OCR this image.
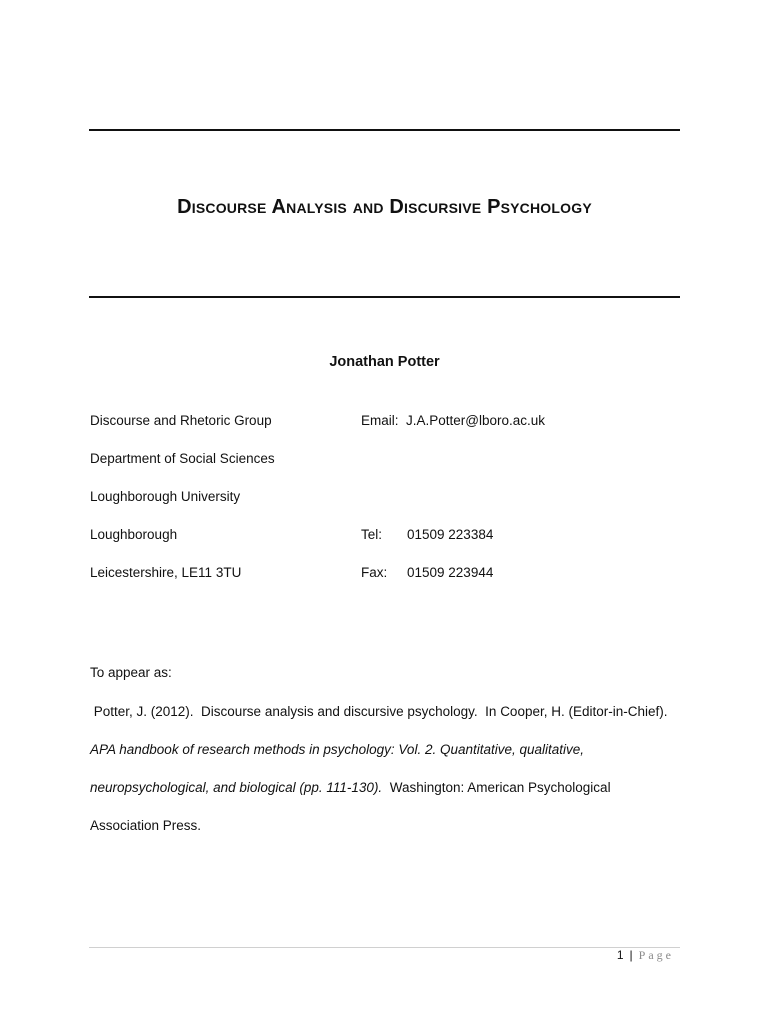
Discourse Analysis and Discursive Psychology

Jonathan Potter

Discourse and Rhetoric Group
Department of Social Sciences
Loughborough University
Loughborough
Leicestershire, LE11 3TU
Email: J.A.Potter@lboro.ac.uk
Tel: 01509 223384
Fax: 01509 223944
To appear as:
Potter, J. (2012).  Discourse analysis and discursive psychology.  In Cooper, H. (Editor-in-Chief).
APA handbook of research methods in psychology: Vol. 2. Quantitative, qualitative,
neuropsychological, and biological (pp. 111-130).  Washington: American Psychological
Association Press.
1 | Page
